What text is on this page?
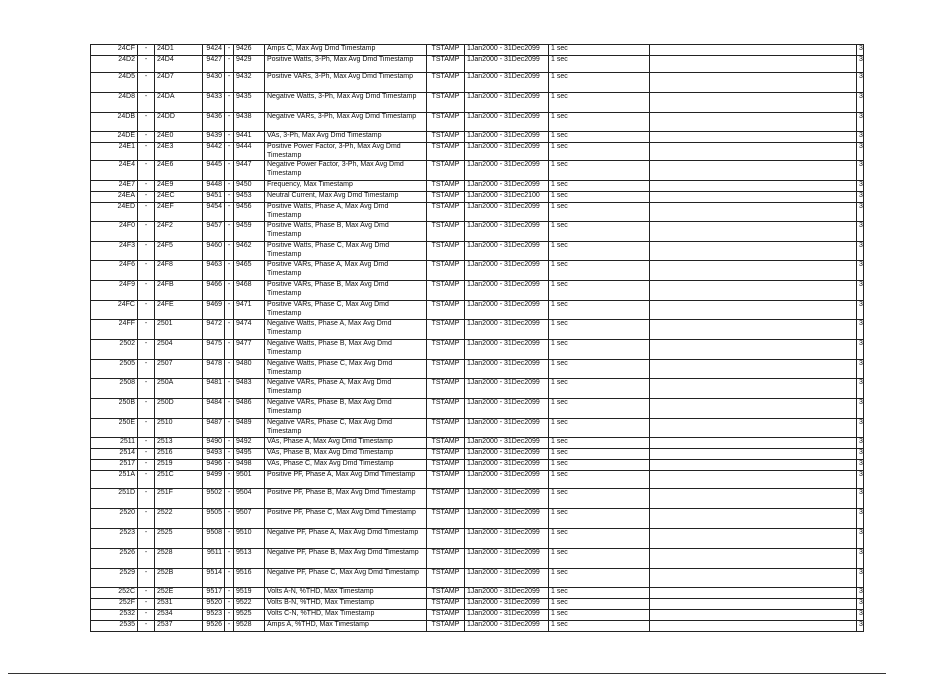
24CF	-	24D1	9424	-	9426	Amps C, Max Avg Dmd Timestamp	TSTAMP	1Jan2000 - 31Dec2099	1 sec		3
24D2	-	24D4	9427	-	9429	Positive Watts, 3-Ph, Max Avg Dmd Timestamp	TSTAMP	1Jan2000 - 31Dec2099	1 sec		3
24D5	-	24D7	9430	-	9432	Positive VARs, 3-Ph, Max Avg Dmd Timestamp	TSTAMP	1Jan2000 - 31Dec2099	1 sec		3
24D8	-	24DA	9433	-	9435	Negative Watts, 3-Ph, Max Avg Dmd Timestamp	TSTAMP	1Jan2000 - 31Dec2099	1 sec		3
24DB	-	24DD	9436	-	9438	Negative VARs, 3-Ph, Max Avg Dmd Timestamp	TSTAMP	1Jan2000 - 31Dec2099	1 sec		3
24DE	-	24E0	9439	-	9441	VAs, 3-Ph, Max Avg Dmd Timestamp	TSTAMP	1Jan2000 - 31Dec2099	1 sec		3
24E1	-	24E3	9442	-	9444	Positive Power Factor, 3-Ph, Max Avg Dmd Timestamp	TSTAMP	1Jan2000 - 31Dec2099	1 sec		3
24E4	-	24E6	9445	-	9447	Negative Power Factor, 3-Ph, Max Avg Dmd Timestamp	TSTAMP	1Jan2000 - 31Dec2099	1 sec		3
24E7	-	24E9	9448	-	9450	Frequency, Max Timestamp	TSTAMP	1Jan2000 - 31Dec2099	1 sec		3
24EA	-	24EC	9451	-	9453	Neutral Current, Max Avg Dmd Timestamp	TSTAMP	1Jan2000 - 31Dec2100	1 sec		3
24ED	-	24EF	9454	-	9456	Positive Watts, Phase A, Max Avg Dmd Timestamp	TSTAMP	1Jan2000 - 31Dec2099	1 sec		3
24F0	-	24F2	9457	-	9459	Positive Watts, Phase B, Max Avg Dmd Timestamp	TSTAMP	1Jan2000 - 31Dec2099	1 sec		3
24F3	-	24F5	9460	-	9462	Positive Watts, Phase C, Max Avg Dmd Timestamp	TSTAMP	1Jan2000 - 31Dec2099	1 sec		3
24F6	-	24F8	9463	-	9465	Positive VARs, Phase A, Max Avg Dmd Timestamp	TSTAMP	1Jan2000 - 31Dec2099	1 sec		3
24F9	-	24FB	9466	-	9468	Positive VARs, Phase B, Max Avg Dmd Timestamp	TSTAMP	1Jan2000 - 31Dec2099	1 sec		3
24FC	-	24FE	9469	-	9471	Positive VARs, Phase C, Max Avg Dmd Timestamp	TSTAMP	1Jan2000 - 31Dec2099	1 sec		3
24FF	-	2501	9472	-	9474	Negative Watts, Phase A, Max Avg Dmd Timestamp	TSTAMP	1Jan2000 - 31Dec2099	1 sec		3
2502	-	2504	9475	-	9477	Negative Watts, Phase B, Max Avg Dmd Timestamp	TSTAMP	1Jan2000 - 31Dec2099	1 sec		3
2505	-	2507	9478	-	9480	Negative Watts, Phase C, Max Avg Dmd Timestamp	TSTAMP	1Jan2000 - 31Dec2099	1 sec		3
2508	-	250A	9481	-	9483	Negative VARs, Phase A, Max Avg Dmd Timestamp	TSTAMP	1Jan2000 - 31Dec2099	1 sec		3
250B	-	250D	9484	-	9486	Negative VARs, Phase B, Max Avg Dmd Timestamp	TSTAMP	1Jan2000 - 31Dec2099	1 sec		3
250E	-	2510	9487	-	9489	Negative VARs, Phase C, Max Avg Dmd Timestamp	TSTAMP	1Jan2000 - 31Dec2099	1 sec		3
2511	-	2513	9490	-	9492	VAs, Phase A, Max Avg Dmd Timestamp	TSTAMP	1Jan2000 - 31Dec2099	1 sec		3
2514	-	2516	9493	-	9495	VAs, Phase B, Max Avg Dmd Timestamp	TSTAMP	1Jan2000 - 31Dec2099	1 sec		3
2517	-	2519	9496	-	9498	VAs, Phase C, Max Avg Dmd Timestamp	TSTAMP	1Jan2000 - 31Dec2099	1 sec		3
251A	-	251C	9499	-	9501	Positive PF, Phase A, Max Avg Dmd Timestamp	TSTAMP	1Jan2000 - 31Dec2099	1 sec		3
251D	-	251F	9502	-	9504	Positive PF, Phase B, Max Avg Dmd Timestamp	TSTAMP	1Jan2000 - 31Dec2099	1 sec		3
2520	-	2522	9505	-	9507	Positive PF, Phase C, Max Avg Dmd Timestamp	TSTAMP	1Jan2000 - 31Dec2099	1 sec		3
2523	-	2525	9508	-	9510	Negative PF, Phase A, Max Avg Dmd Timestamp	TSTAMP	1Jan2000 - 31Dec2099	1 sec		3
2526	-	2528	9511	-	9513	Negative PF, Phase B, Max Avg Dmd Timestamp	TSTAMP	1Jan2000 - 31Dec2099	1 sec		3
2529	-	252B	9514	-	9516	Negative PF, Phase C, Max Avg Dmd Timestamp	TSTAMP	1Jan2000 - 31Dec2099	1 sec		3
252C	-	252E	9517	-	9519	Volts A-N, %THD, Max Timestamp	TSTAMP	1Jan2000 - 31Dec2099	1 sec		3
252F	-	2531	9520	-	9522	Volts B-N, %THD, Max Timestamp	TSTAMP	1Jan2000 - 31Dec2099	1 sec		3
2532	-	2534	9523	-	9525	Volts C-N, %THD, Max Timestamp	TSTAMP	1Jan2000 - 31Dec2099	1 sec		3
2535	-	2537	9526	-	9528	Amps A, %THD, Max Timestamp	TSTAMP	1Jan2000 - 31Dec2099	1 sec		3
